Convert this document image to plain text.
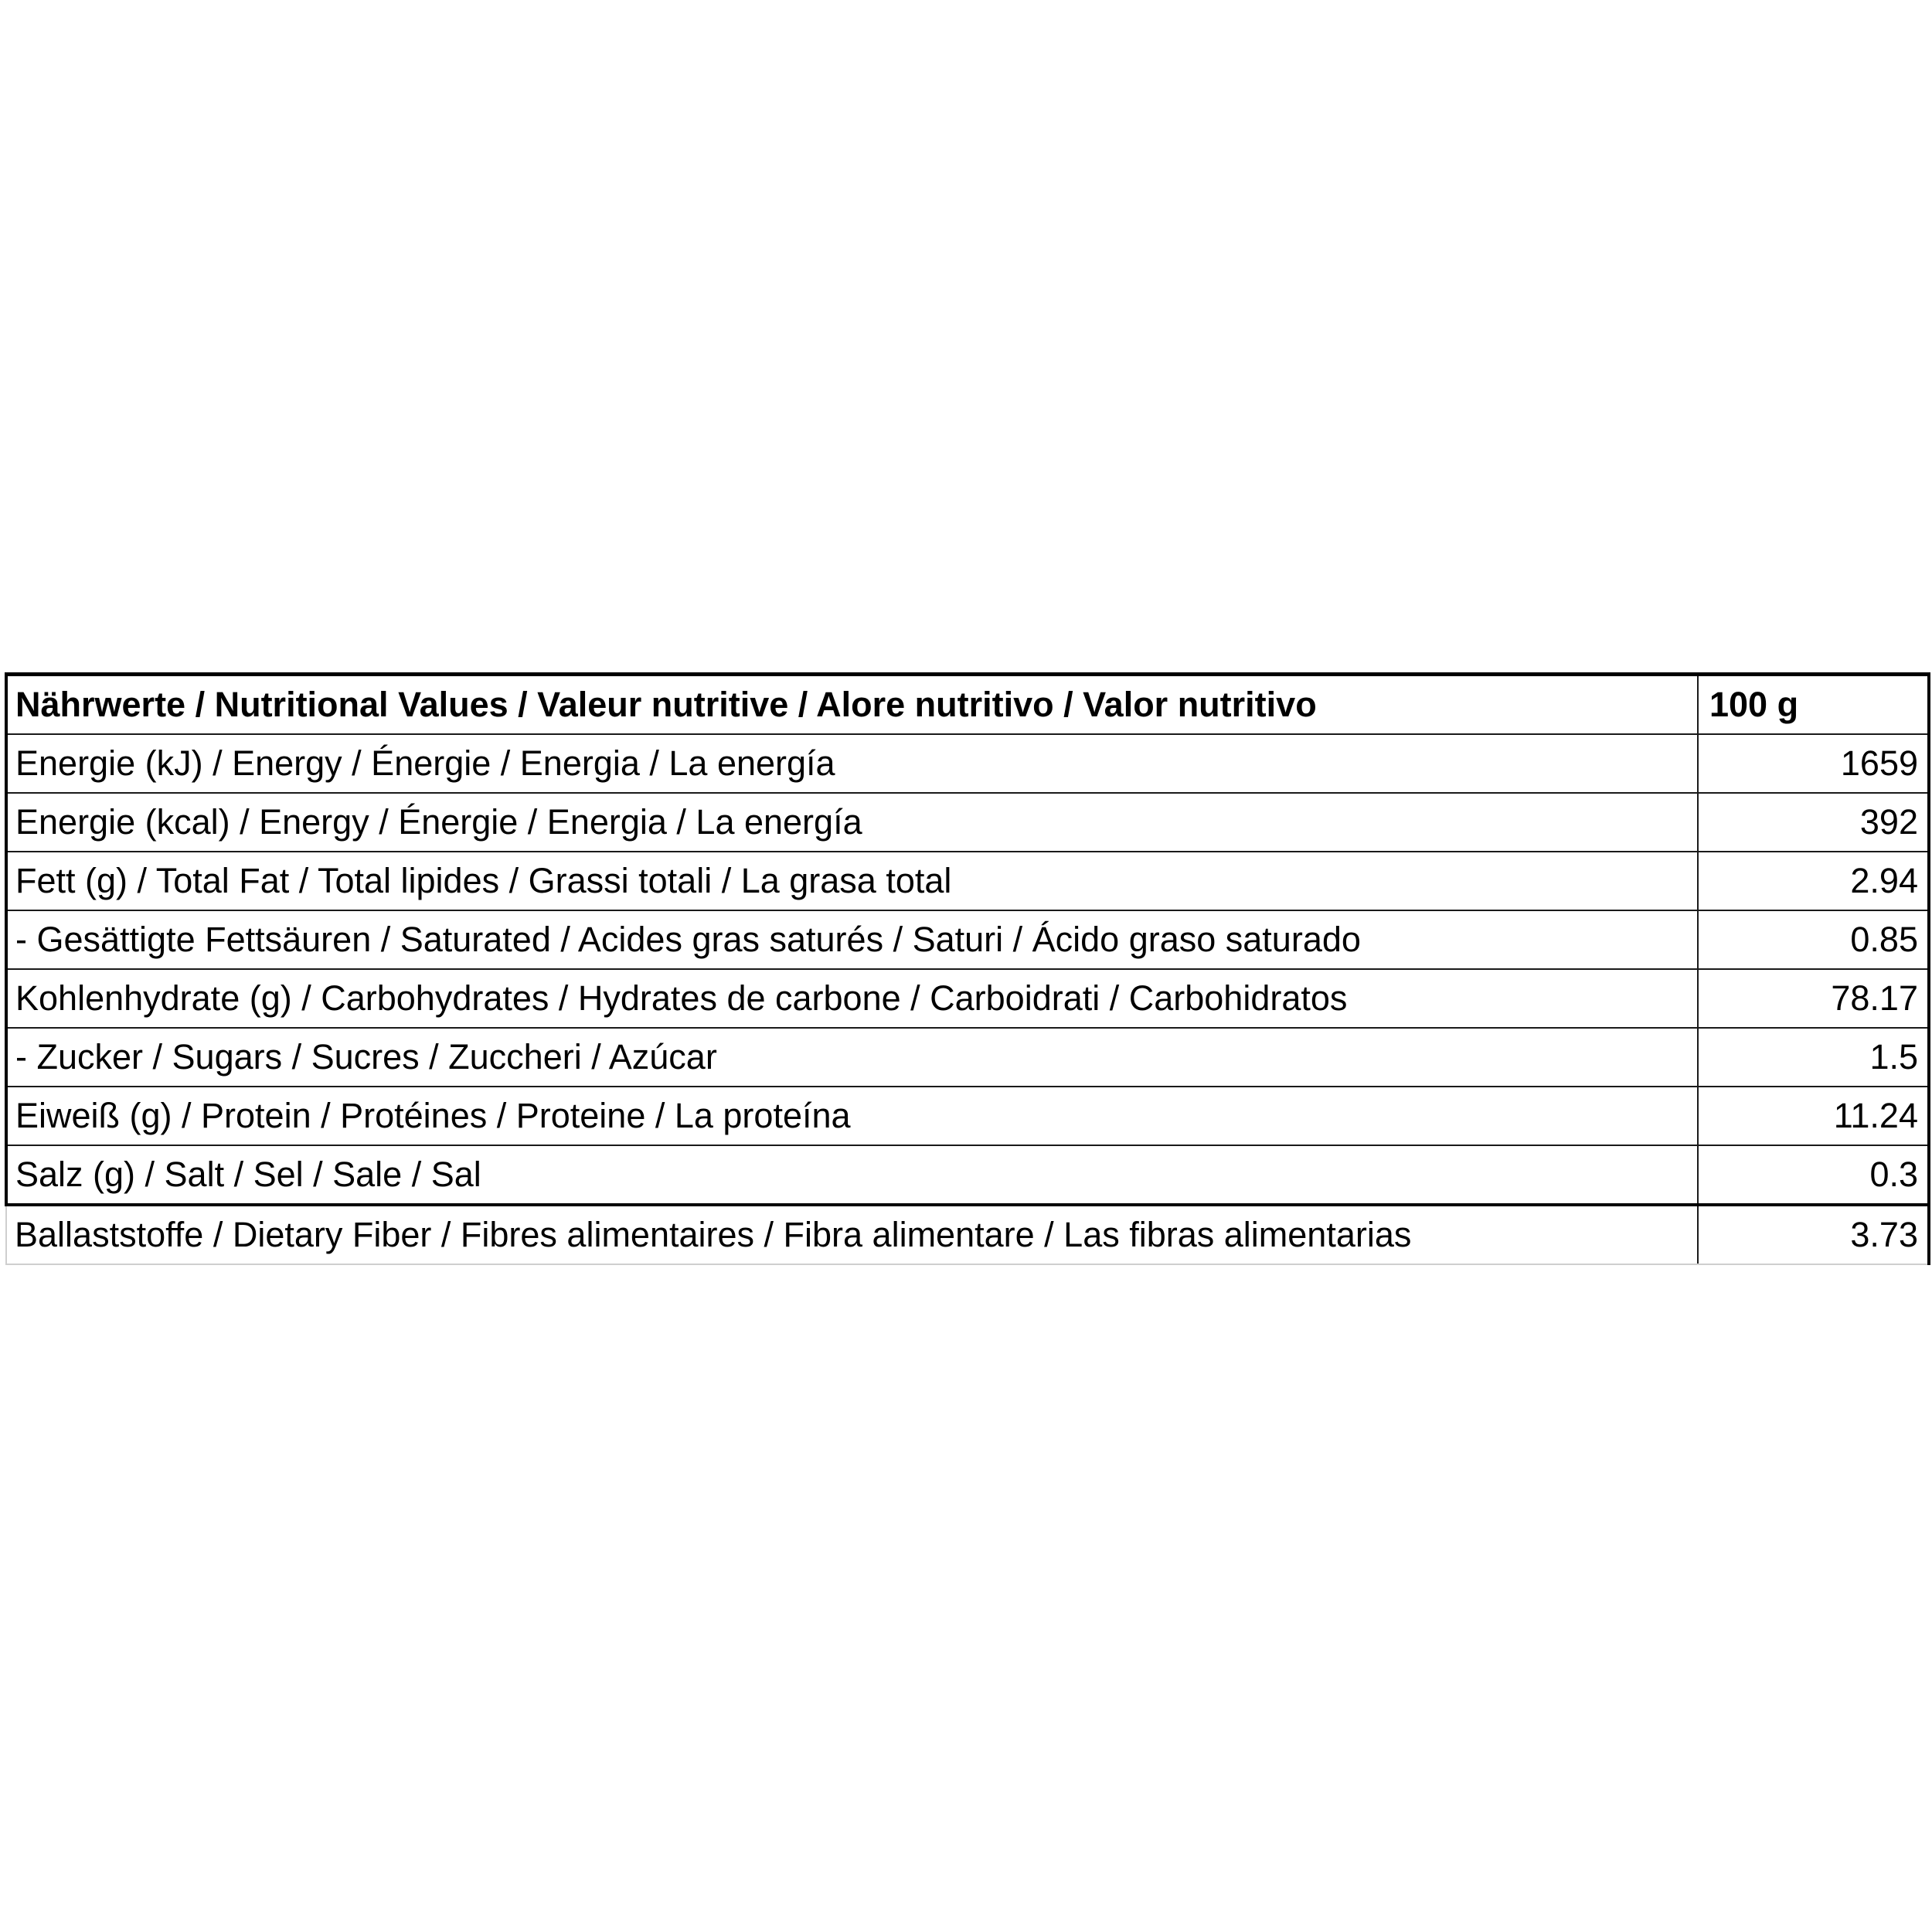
Nährwerte / Nutritional Values / Valeur nutritive / Alore nutritivo / Valor nutritivo	100 g
Energie (kJ) / Energy / Énergie / Energia / La energía	1659
Energie (kcal) / Energy / Énergie / Energia / La energía	392
Fett (g) / Total Fat / Total lipides / Grassi totali / La grasa total	2.94
- Gesättigte Fettsäuren / Saturated / Acides gras saturés / Saturi / Ácido graso saturado	0.85
Kohlenhydrate (g) / Carbohydrates / Hydrates de carbone / Carboidrati / Carbohidratos	78.17
- Zucker / Sugars / Sucres / Zuccheri / Azúcar	1.5
Eiweiß (g) / Protein / Protéines / Proteine / La proteína	11.24
Salz (g) / Salt / Sel / Sale / Sal	0.3
Ballaststoffe / Dietary Fiber / Fibres alimentaires / Fibra alimentare / Las fibras alimentarias	3.73
